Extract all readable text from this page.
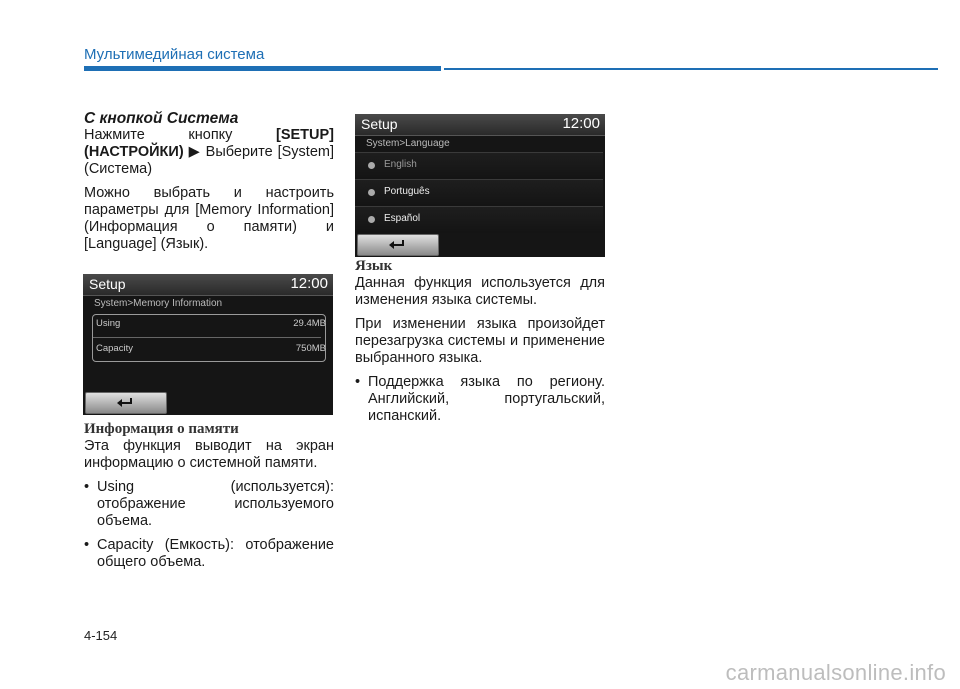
Мультимедийная система

С кнопкой Система

Нажмите кнопку [SETUP] (НАСТРОЙКИ) ▶ Выберите [System] (Система)

Можно выбрать и настроить параметры для [Memory Information] (Информация о памяти) и [Language] (Язык).

Setup	12:00
System>Memory Information
Using	29.4MB
Capacity	750MB

Информация о памяти

Эта функция выводит на экран информацию о системной памяти.

• Using (используется): отображение используемого объема.
• Capacity (Емкость): отображение общего объема.
Setup	12:00
System>Language
English
Português
Español

Язык

Данная функция используется для изменения языка системы.

При изменении языка произойдет перезагрузка системы и применение выбранного языка.

• Поддержка языка по региону. Английский, португальский, испанский.
4-154
carmanualsonline.info
